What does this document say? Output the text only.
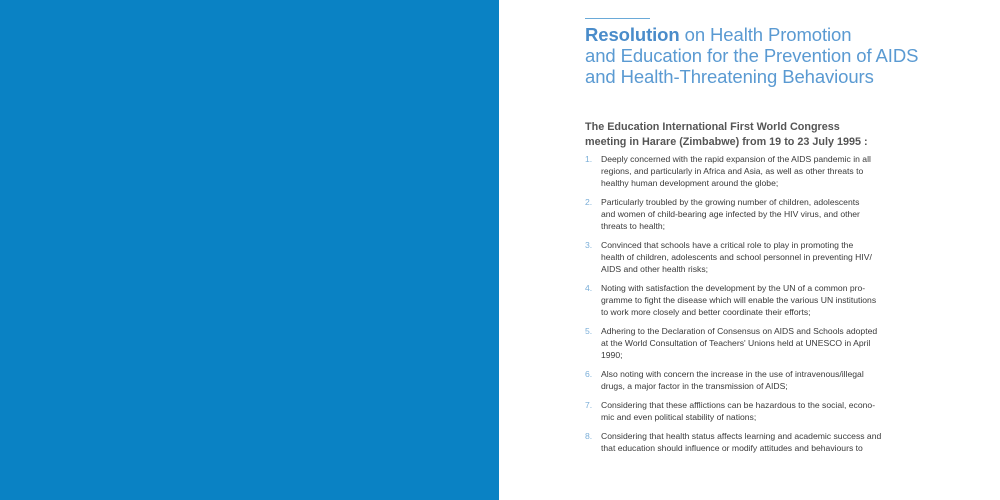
Resolution on Health Promotion
and Education for the Prevention of AIDS
and Health-Threatening Behaviours
The Education International First World Congress
meeting in Harare (Zimbabwe) from 19 to 23 July 1995 :
1. Deeply concerned with the rapid expansion of the AIDS pandemic in all
regions, and particularly in Africa and Asia, as well as other threats to
healthy human development around the globe;
2. Particularly troubled by the growing number of children, adolescents
and women of child-bearing age infected by the HIV virus, and other
threats to health;
3. Convinced that schools have a critical role to play in promoting the
health of children, adolescents and school personnel in preventing HIV/
AIDS and other health risks;
4. Noting with satisfaction the development by the UN of a common pro-
gramme to fight the disease which will enable the various UN institutions
to work more closely and better coordinate their efforts;
5. Adhering to the Declaration of Consensus on AIDS and Schools adopted
at the World Consultation of Teachers' Unions held at UNESCO in April
1990;
6. Also noting with concern the increase in the use of intravenous/illegal
drugs, a major factor in the transmission of AIDS;
7. Considering that these afflictions can be hazardous to the social, econo-
mic and even political stability of nations;
8. Considering that health status affects learning and academic success and
that education should influence or modify attitudes and behaviours to
